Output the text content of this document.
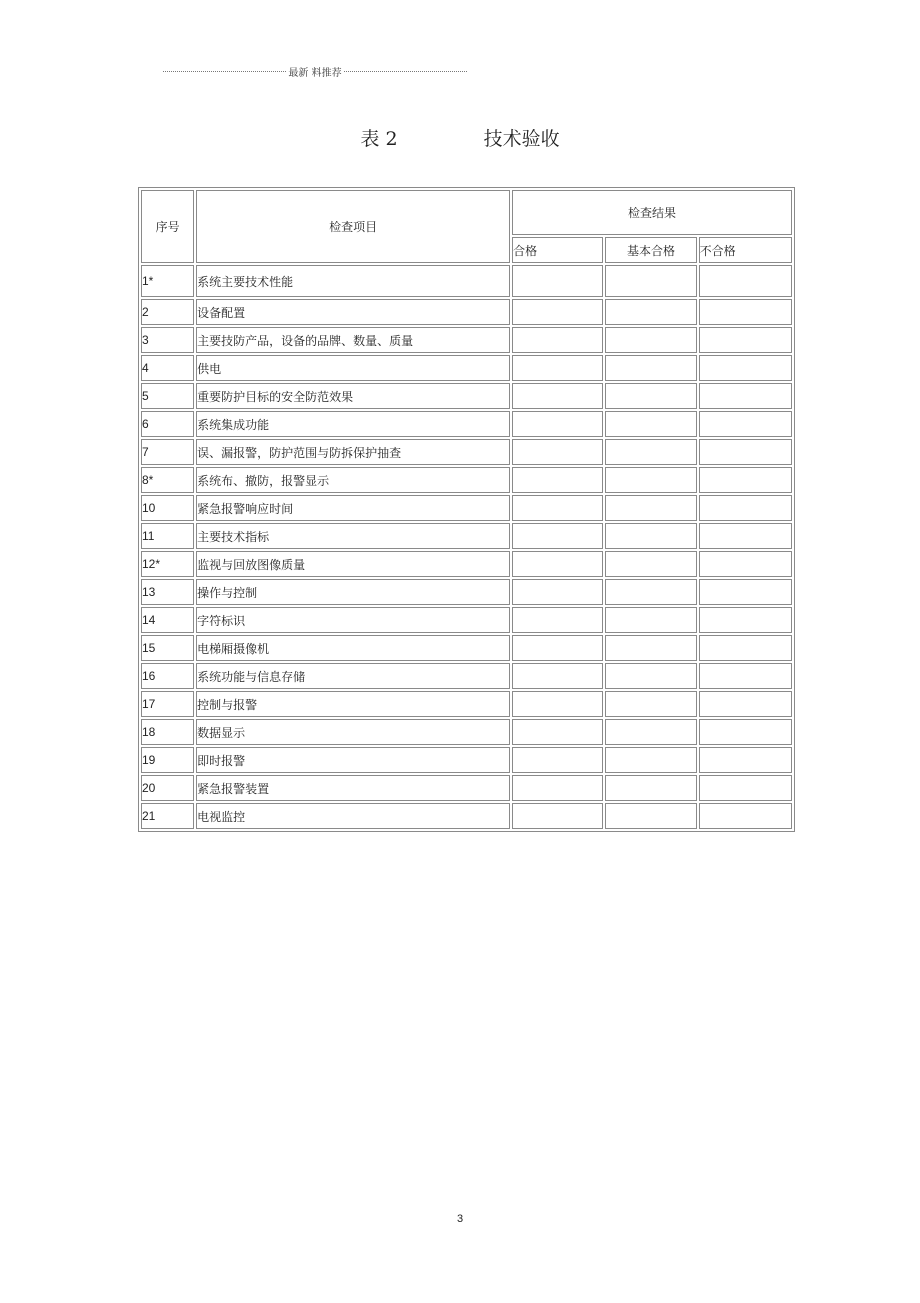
最新 料推荐
表 2	技术验收
序号	检查项目	检查结果		
		合格	基本合格	不合格
1*	系统主要技术性能			
2	设备配置			
3	主要技防产品，设备的品牌、数量、质量			
4	供电			
5	重要防护目标的安全防范效果			
6	系统集成功能			
7	误、漏报警，防护范围与防拆保护抽查			
8*	系统布、撤防，报警显示			
10	紧急报警响应时间			
11	主要技术指标			
12*	监视与回放图像质量			
13	操作与控制			
14	字符标识			
15	电梯厢摄像机			
16	系统功能与信息存储			
17	控制与报警			
18	数据显示			
19	即时报警			
20	紧急报警装置			
21	电视监控			
3
